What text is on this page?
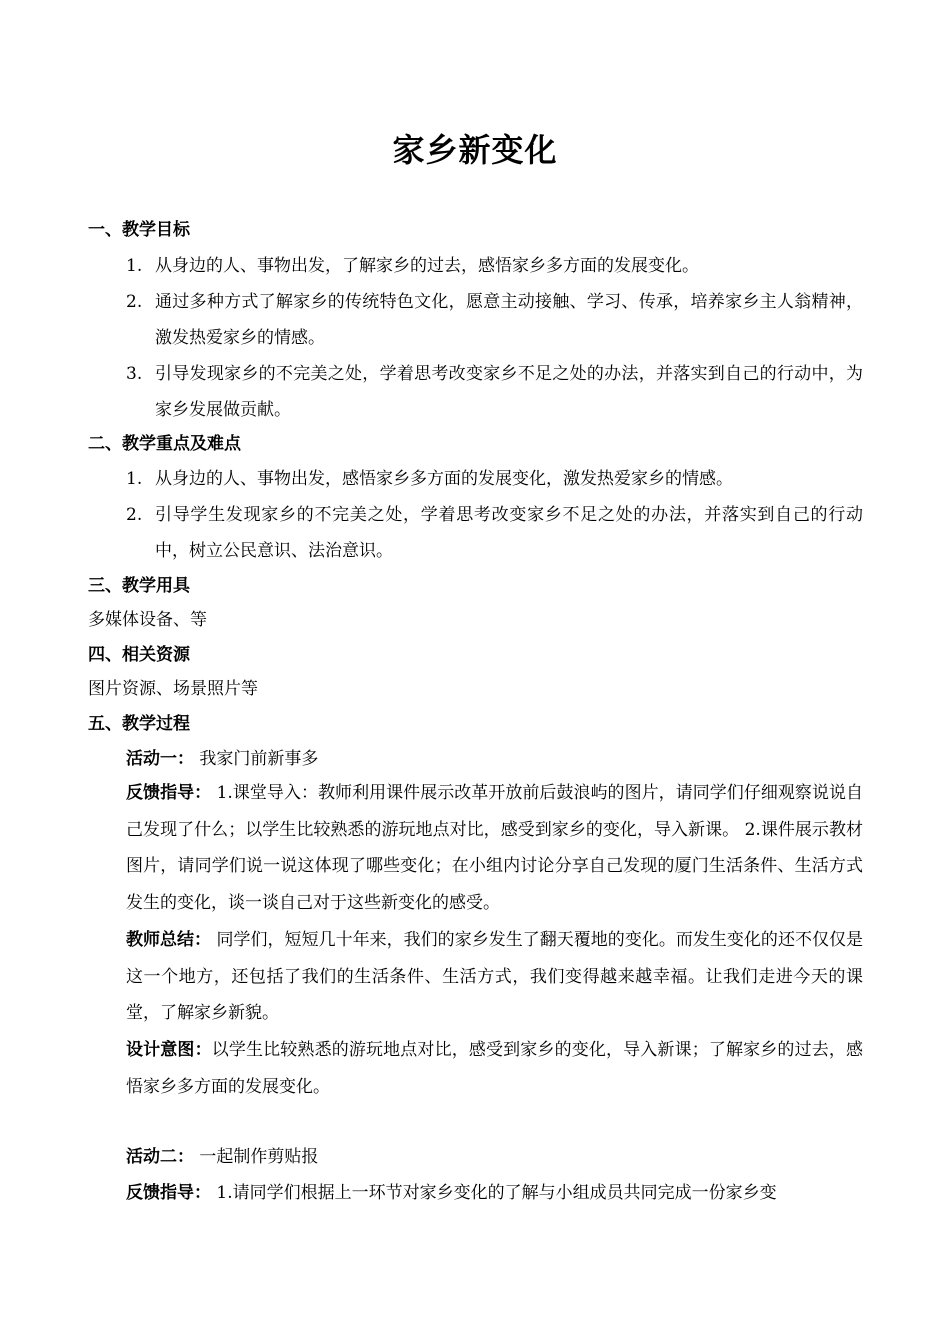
家乡新变化
一、教学目标
1. 从身边的人、事物出发，了解家乡的过去，感悟家乡多方面的发展变化。
2. 通过多种方式了解家乡的传统特色文化，愿意主动接触、学习、传承，培养家乡主人翁精神，激发热爱家乡的情感。
3. 引导发现家乡的不完美之处，学着思考改变家乡不足之处的办法，并落实到自己的行动中，为家乡发展做贡献。
二、教学重点及难点
1. 从身边的人、事物出发，感悟家乡多方面的发展变化，激发热爱家乡的情感。
2. 引导学生发现家乡的不完美之处，学着思考改变家乡不足之处的办法，并落实到自己的行动中，树立公民意识、法治意识。
三、教学用具
多媒体设备、等
四、相关资源
图片资源、场景照片等
五、教学过程
活动一： 我家门前新事多
反馈指导： 1.课堂导入：教师利用课件展示改革开放前后鼓浪屿的图片，请同学们仔细观察说说自己发现了什么；以学生比较熟悉的游玩地点对比，感受到家乡的变化，导入新课。 2.课件展示教材图片，请同学们说一说这体现了哪些变化；在小组内讨论分享自己发现的厦门生活条件、生活方式发生的变化，谈一谈自己对于这些新变化的感受。
教师总结： 同学们，短短几十年来，我们的家乡发生了翻天覆地的变化。而发生变化的还不仅仅是这一个地方，还包括了我们的生活条件、生活方式，我们变得越来越幸福。让我们走进今天的课堂，了解家乡新貌。
设计意图：以学生比较熟悉的游玩地点对比，感受到家乡的变化，导入新课；了解家乡的过去，感悟家乡多方面的发展变化。
活动二： 一起制作剪贴报
反馈指导： 1.请同学们根据上一环节对家乡变化的了解与小组成员共同完成一份家乡变
